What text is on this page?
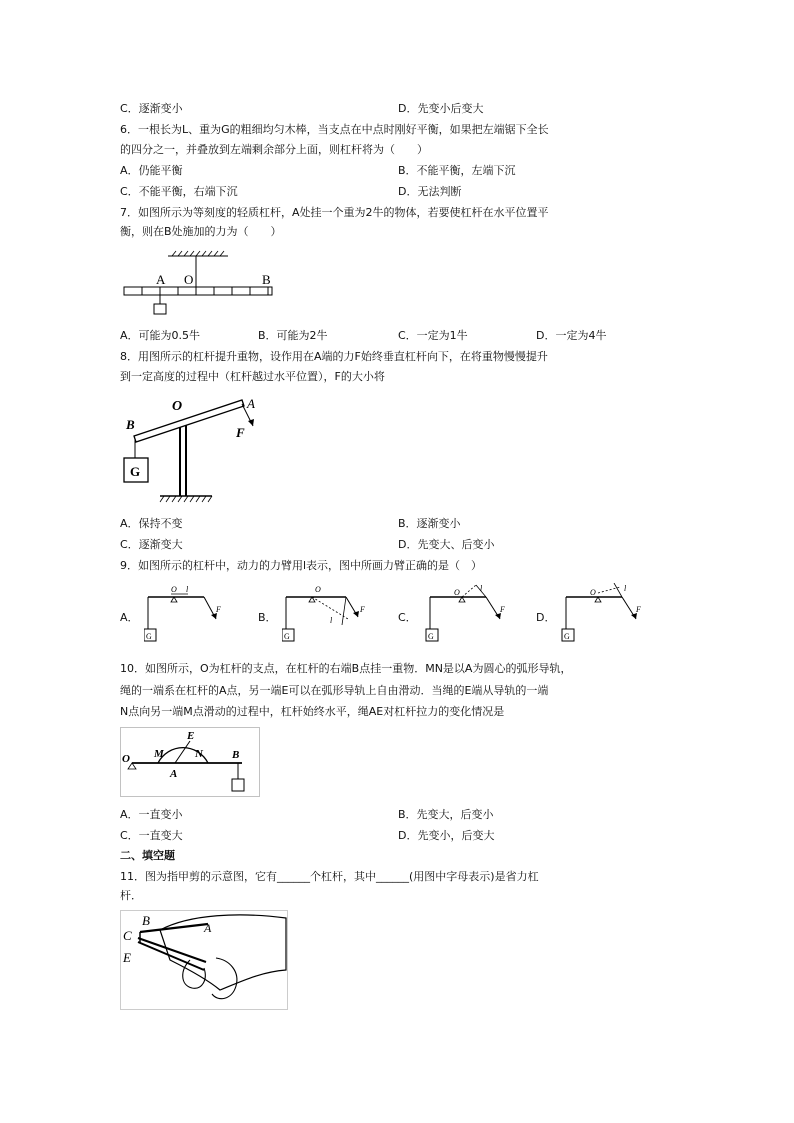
C．逐渐变小	D．先变小后变大
6．一根长为L、重为G的粗细均匀木棒，当支点在中点时刚好平衡，如果把左端锯下全长
的四分之一，并叠放到左端剩余部分上面，则杠杆将为（　　）
A．仍能平衡	B．不能平衡，左端下沉
C．不能平衡，右端下沉	D．无法判断
7．如图所示为等刻度的轻质杠杆，A处挂一个重为2牛的物体，若要使杠杆在水平位置平
衡，则在B处施加的力为（　　）
A O	B
A．可能为0.5牛	B．可能为2牛	C．一定为1牛	D．一定为4牛
8．用图所示的杠杆提升重物，设作用在A端的力F始终垂直杠杆向下，在将重物慢慢提升
到一定高度的过程中（杠杆越过水平位置），F的大小将
G
O	A
B
F
A．保持不变	B．逐渐变小
C．逐渐变大	D．先变大、后变小
9．如图所示的杠杆中，动力的力臂用l表示，图中所画力臂正确的是（　）
A．
G
O l
F
B．
G
O
l
F
C．
G
O	l
F
D．
G
O	l
F
10．如图所示，O为杠杆的支点，在杠杆的右端B点挂一重物．MN是以A为圆心的弧形导轨，
绳的一端系在杠杆的A点，另一端E可以在弧形导轨上自由滑动．当绳的E端从导轨的一端
N点向另一端M点滑动的过程中，杠杆始终水平，绳AE对杠杆拉力的变化情况是
O M
E
N	B
A
A．一直变小	B．先变大，后变小
C．一直变大	D．先变小，后变大
二、填空题
11．图为指甲剪的示意图，它有______个杠杆，其中______(用图中字母表示)是省力杠
杆．
B	A
C
E
